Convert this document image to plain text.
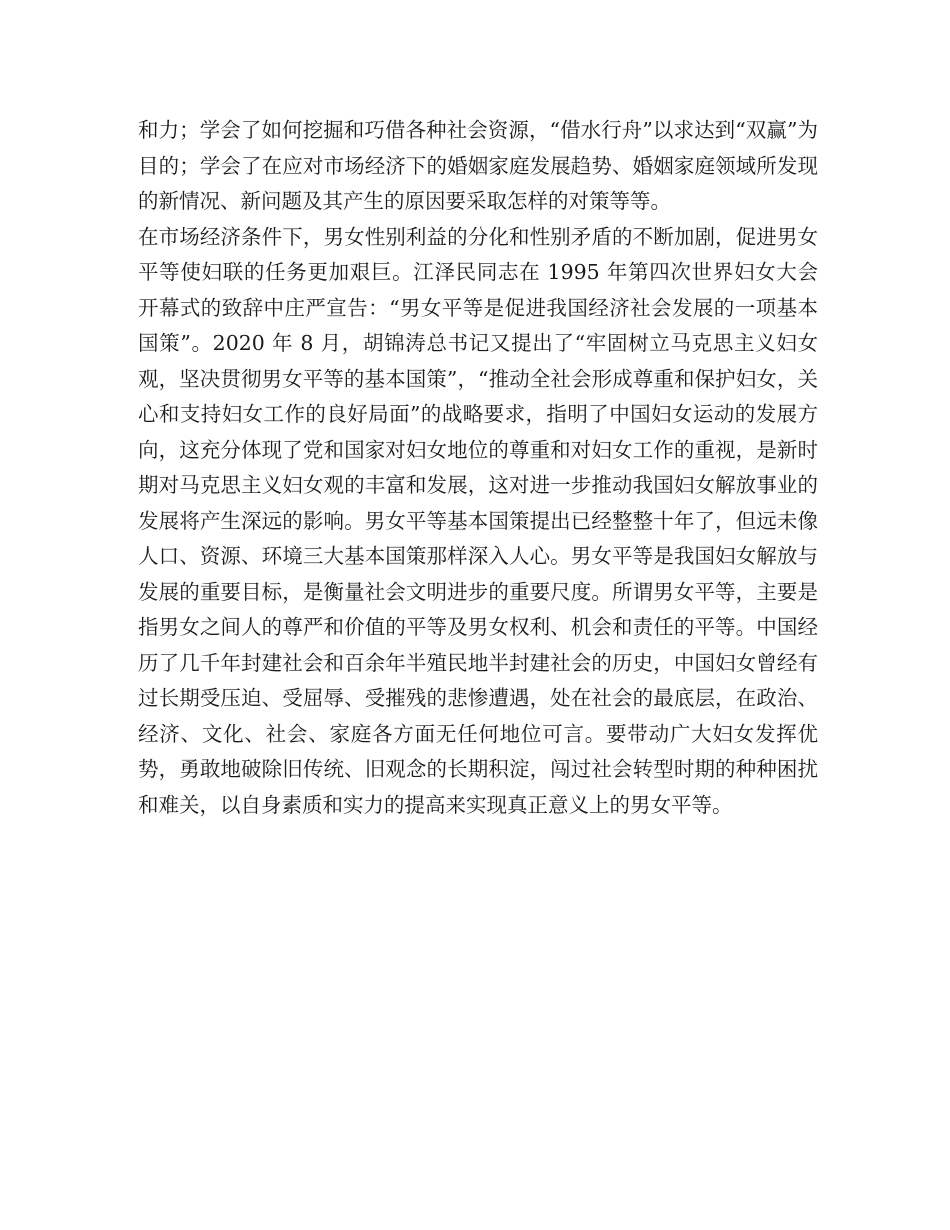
和力；学会了如何挖掘和巧借各种社会资源，“借水行舟”以求达到“双赢”为目的；学会了在应对市场经济下的婚姻家庭发展趋势、婚姻家庭领域所发现的新情况、新问题及其产生的原因要采取怎样的对策等等。

在市场经济条件下，男女性别利益的分化和性别矛盾的不断加剧，促进男女平等使妇联的任务更加艰巨。江泽民同志在 1995 年第四次世界妇女大会开幕式的致辞中庄严宣告：“男女平等是促进我国经济社会发展的一项基本国策”。2020 年 8 月，胡锦涛总书记又提出了“牢固树立马克思主义妇女观，坚决贯彻男女平等的基本国策”，“推动全社会形成尊重和保护妇女，关心和支持妇女工作的良好局面”的战略要求，指明了中国妇女运动的发展方向，这充分体现了党和国家对妇女地位的尊重和对妇女工作的重视，是新时期对马克思主义妇女观的丰富和发展，这对进一步推动我国妇女解放事业的发展将产生深远的影响。男女平等基本国策提出已经整整十年了，但远未像人口、资源、环境三大基本国策那样深入人心。男女平等是我国妇女解放与发展的重要目标，是衡量社会文明进步的重要尺度。所谓男女平等，主要是指男女之间人的尊严和价值的平等及男女权利、机会和责任的平等。中国经历了几千年封建社会和百余年半殖民地半封建社会的历史，中国妇女曾经有过长期受压迫、受屈辱、受摧残的悲惨遭遇，处在社会的最底层，在政治、经济、文化、社会、家庭各方面无任何地位可言。要带动广大妇女发挥优势，勇敢地破除旧传统、旧观念的长期积淀，闯过社会转型时期的种种困扰和难关，以自身素质和实力的提高来实现真正意义上的男女平等。
